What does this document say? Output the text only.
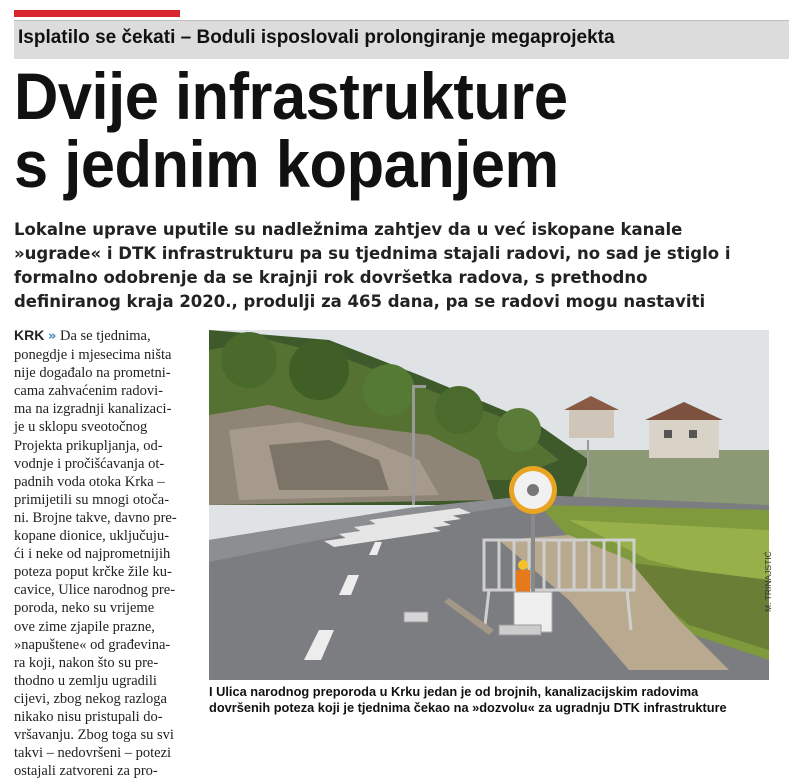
Isplatilo se čekati – Boduli isposlovali prolongiranje megaprojekta
Dvije infrastrukture
s jednim kopanjem
Lokalne uprave uputile su nadležnima zahtjev da u već iskopane kanale
»ugrade« i DTK infrastrukturu pa su tjednima stajali radovi, no sad je stiglo i
formalno odobrenje da se krajnji rok dovršetka radova, s prethodno
definiranog kraja 2020., produlji za 465 dana, pa se radovi mogu nastaviti
KRK » Da se tjednima,
ponegdje i mjesecima ništa
nije događalo na prometni-
cama zahvaćenim radovi-
ma na izgradnji kanalizaci-
je u sklopu sveotočnog
Projekta prikupljanja, od-
vodnje i pročišćavanja ot-
padnih voda otoka Krka –
primijetili su mnogi otoča-
ni. Brojne takve, davno pre-
kopane dionice, uključuju-
ći i neke od najprometnijih
poteza poput krčke žile ku-
cavice, Ulice narodnog pre-
poroda, neko su vrijeme
ove zime zjapile prazne,
»napuštene« od građevina-
ra koji, nakon što su pre-
thodno u zemlju ugradili
cijevi, zbog nekog razloga
nikako nisu pristupali do-
vršavanju. Zbog toga su svi
takvi – nedovršeni – potezi
ostajali zatvoreni za pro-
M. TRINAJSTIĆ
I Ulica narodnog preporoda u Krku jedan je od brojnih, kanalizacijskim radovima
dovršenih poteza koji je tjednima čekao na »dozvolu« za ugradnju DTK infrastrukture
